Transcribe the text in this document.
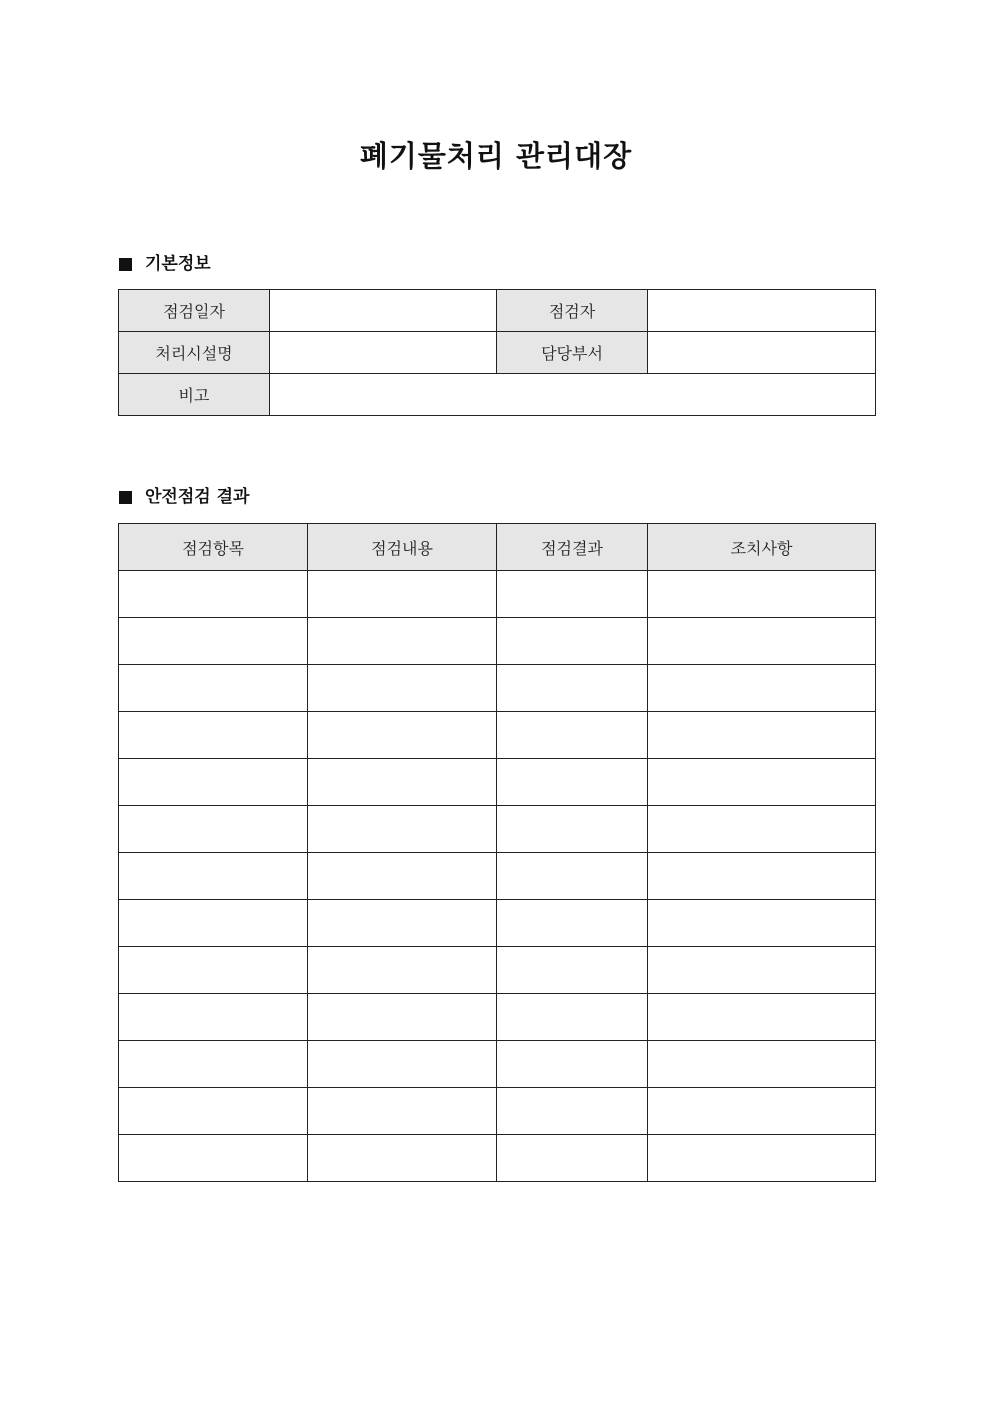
폐기물처리 관리대장
기본정보
점검일자		점검자	
처리시설명		담당부서	
비고			
안전점검 결과
점검항목	점검내용	점검결과	조치사항
